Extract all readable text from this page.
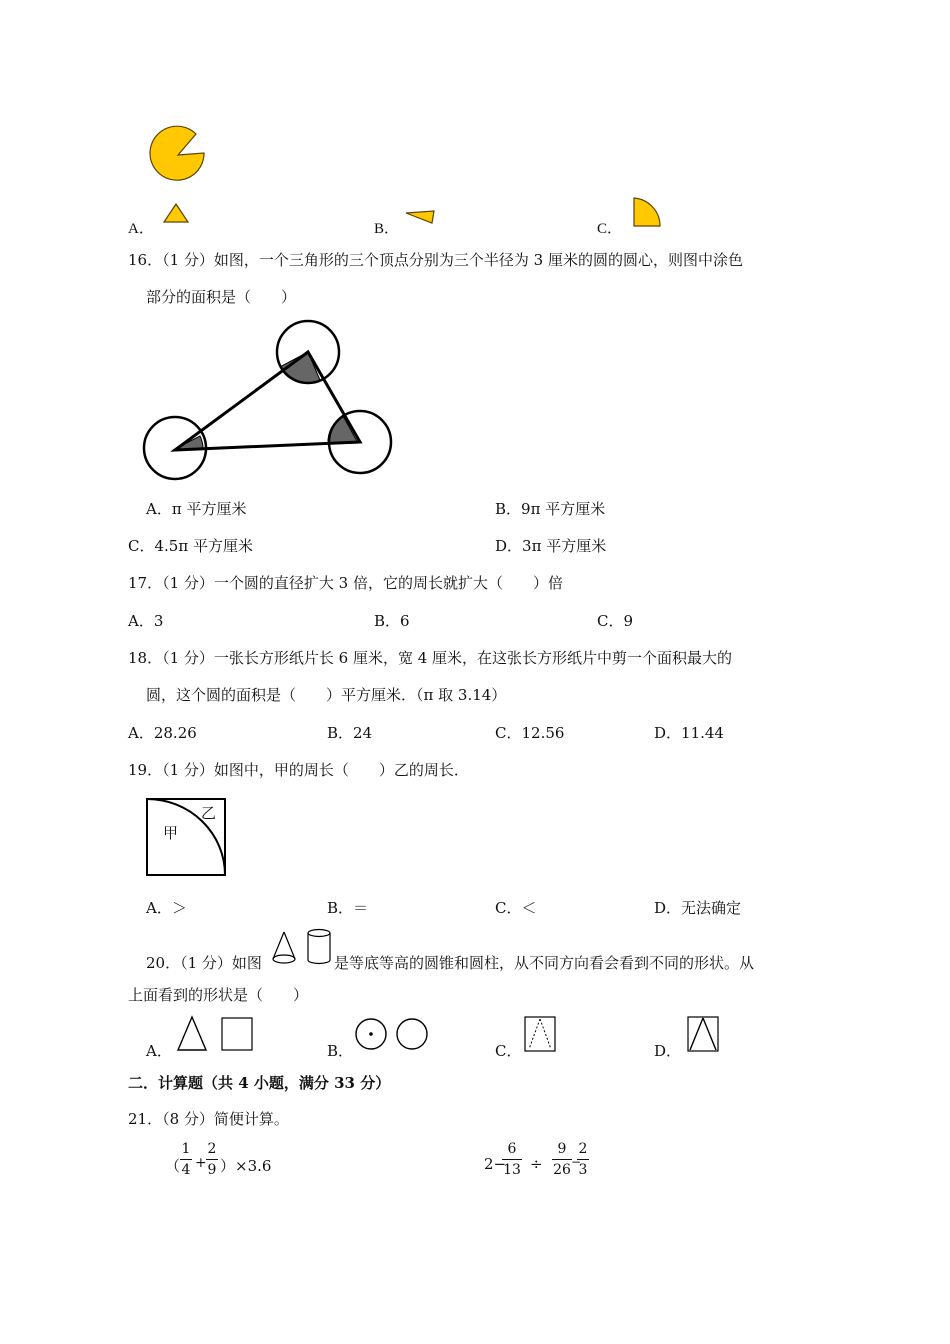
A．	B．	C．
16．（1 分）如图，一个三角形的三个顶点分别为三个半径为 3 厘米的圆的圆心，则图中涂色
部分的面积是（　　）
A．π 平方厘米	B．9π 平方厘米
C．4.5π 平方厘米	D．3π 平方厘米
17．（1 分）一个圆的直径扩大 3 倍，它的周长就扩大（　　）倍
A．3	B．6	C．9
18．（1 分）一张长方形纸片长 6 厘米，宽 4 厘米，在这张长方形纸片中剪一个面积最大的
圆，这个圆的面积是（　　）平方厘米．（π 取 3.14）
A．28.26	B．24	C．12.56	D．11.44
19．（1 分）如图中，甲的周长（　　）乙的周长．
甲
乙
A．＞	B．＝	C．＜	D．无法确定
20．（1 分）如图	是等底等高的圆锥和圆柱，从不同方向看会看到不同的形状。从
上面看到的形状是（　　）
A．	B．	C．	D．
二．计算题（共 4 小题，满分 33 分）
21．（8 分）简便计算。
（
1
4 +
2
9 ）×3.6	2−
6
13 ÷
9
26 −
2
3
